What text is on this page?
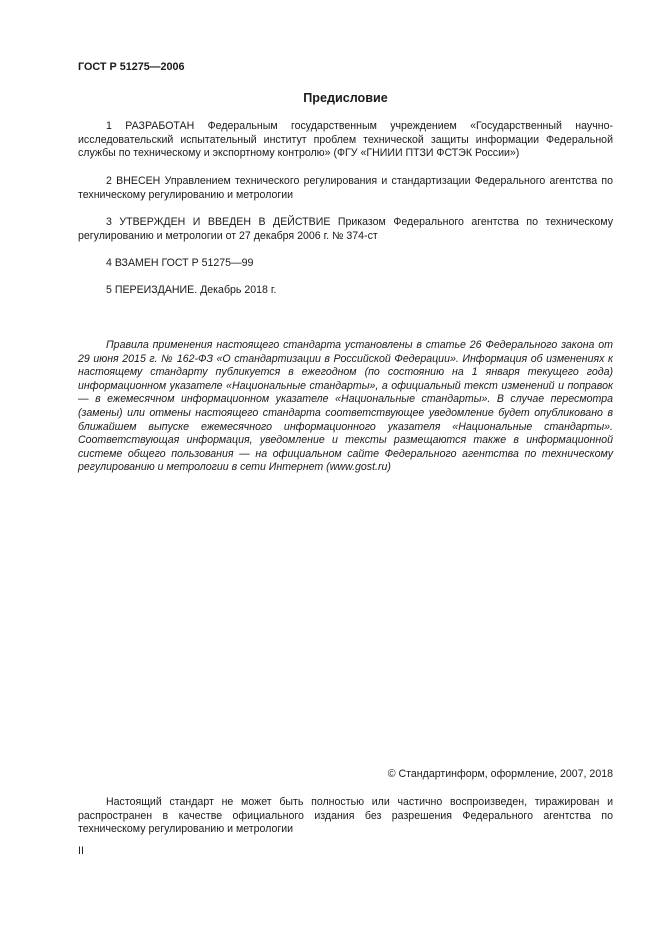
ГОСТ Р 51275—2006
Предисловие

1 РАЗРАБОТАН Федеральным государственным учреждением «Государственный научно-исследовательский испытательный институт проблем технической защиты информации Федеральной службы по техническому и экспортному контролю» (ФГУ «ГНИИИ ПТЗИ ФСТЭК России»)

2 ВНЕСЕН Управлением технического регулирования и стандартизации Федерального агентства по техническому регулированию и метрологии

3 УТВЕРЖДЕН И ВВЕДЕН В ДЕЙСТВИЕ Приказом Федерального агентства по техническому регулированию и метрологии от 27 декабря 2006 г. № 374-ст

4 ВЗАМЕН ГОСТ Р 51275—99

5 ПЕРЕИЗДАНИЕ. Декабрь 2018 г.

Правила применения настоящего стандарта установлены в статье 26 Федерального закона от 29 июня 2015 г. № 162-ФЗ «О стандартизации в Российской Федерации». Информация об изменениях к настоящему стандарту публикуется в ежегодном (по состоянию на 1 января текущего года) информационном указателе «Национальные стандарты», а официальный текст изменений и поправок — в ежемесячном информационном указателе «Национальные стандарты». В случае пересмотра (замены) или отмены настоящего стандарта соответствующее уведомление будет опубликовано в ближайшем выпуске ежемесячного информационного указателя «Национальные стандарты». Соответствующая информация, уведомление и тексты размещаются также в информационной системе общего пользования — на официальном сайте Федерального агентства по техническому регулированию и метрологии в сети Интернет (www.gost.ru)

© Стандартинформ, оформление, 2007, 2018

Настоящий стандарт не может быть полностью или частично воспроизведен, тиражирован и распространен в качестве официального издания без разрешения Федерального агентства по техническому регулированию и метрологии

II
